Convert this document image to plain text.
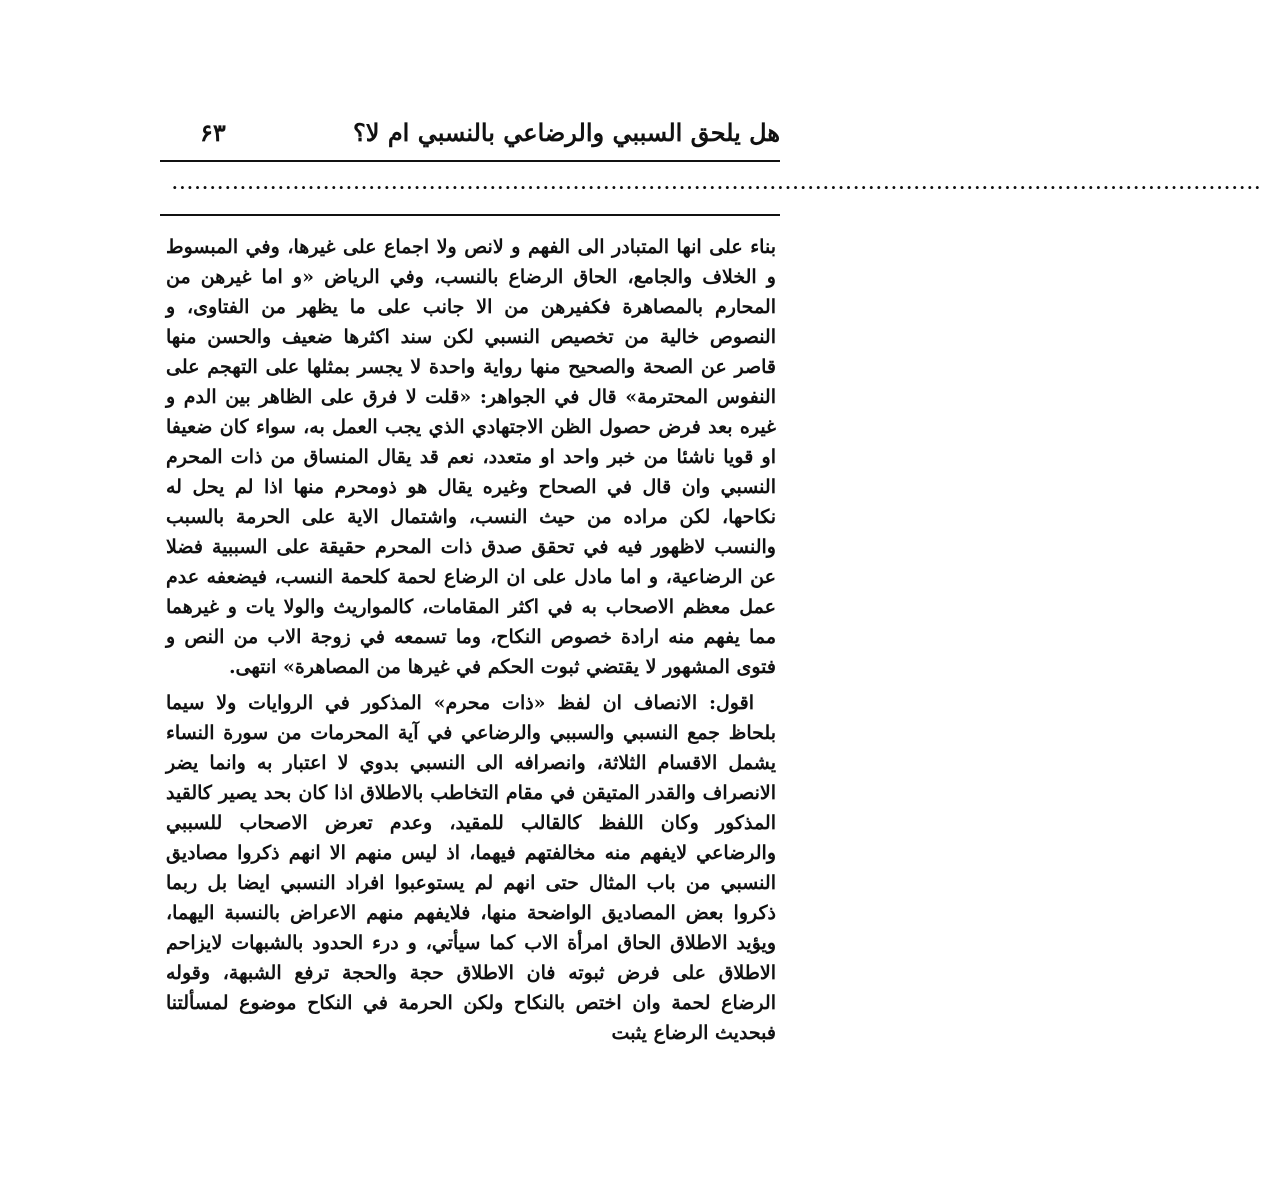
هل يلحق السببي والرضاعي بالنسبي ام لا؟
۶۳
................................................................................................................................................

بناء على انها المتبادر الى الفهم و لانص ولا اجماع على غيرها، وفي المبسوط و الخلاف والجامع، الحاق الرضاع بالنسب، وفي الرياض «و اما غيرهن من المحارم بالمصاهرة فكفيرهن من الا جانب على ما يظهر من الفتاوى، و النصوص خالية من تخصيص النسبي لكن سند اكثرها ضعيف والحسن منها قاصر عن الصحة والصحيح منها رواية واحدة لا يجسر بمثلها على التهجم على النفوس المحترمة» قال في الجواهر: «قلت لا فرق على الظاهر بين الدم و غيره بعد فرض حصول الظن الاجتهادي الذي يجب العمل به، سواء كان ضعيفا او قويا ناشئا من خبر واحد او متعدد، نعم قد يقال المنساق من ذات المحرم النسبي وان قال في الصحاح وغيره يقال هو ذومحرم منها اذا لم يحل له نكاحها، لكن مراده من حيث النسب، واشتمال الاية على الحرمة بالسبب والنسب لاظهور فيه في تحقق صدق ذات المحرم حقيقة على السببية فضلا عن الرضاعية، و اما مادل على ان الرضاع لحمة كلحمة النسب، فيضعفه عدم عمل معظم الاصحاب به في اكثر المقامات، كالمواريث والولا يات و غيرهما مما يفهم منه ارادة خصوص النكاح، وما تسمعه في زوجة الاب من النص و فتوى المشهور لا يقتضي ثبوت الحكم في غيرها من المصاهرة» انتهى.

اقول: الانصاف ان لفظ «ذات محرم» المذكور في الروايات ولا سيما بلحاظ جمع النسبي والسببي والرضاعي في آية المحرمات من سورة النساء يشمل الاقسام الثلاثة، وانصرافه الى النسبي بدوي لا اعتبار به وانما يضر الانصراف والقدر المتيقن في مقام التخاطب بالاطلاق اذا كان بحد يصير كالقيد المذكور وكان اللفظ كالقالب للمقيد، وعدم تعرض الاصحاب للسببي والرضاعي لايفهم منه مخالفتهم فيهما، اذ ليس منهم الا انهم ذكروا مصاديق النسبي من باب المثال حتى انهم لم يستوعبوا افراد النسبي ايضا بل ربما ذكروا بعض المصاديق الواضحة منها، فلايفهم منهم الاعراض بالنسبة اليهما، ويؤيد الاطلاق الحاق امرأة الاب كما سيأتي، و درء الحدود بالشبهات لايزاحم الاطلاق على فرض ثبوته فان الاطلاق حجة والحجة ترفع الشبهة، وقوله الرضاع لحمة وان اختص بالنكاح ولكن الحرمة في النكاح موضوع لمسألتنا فبحديث الرضاع يثبت
